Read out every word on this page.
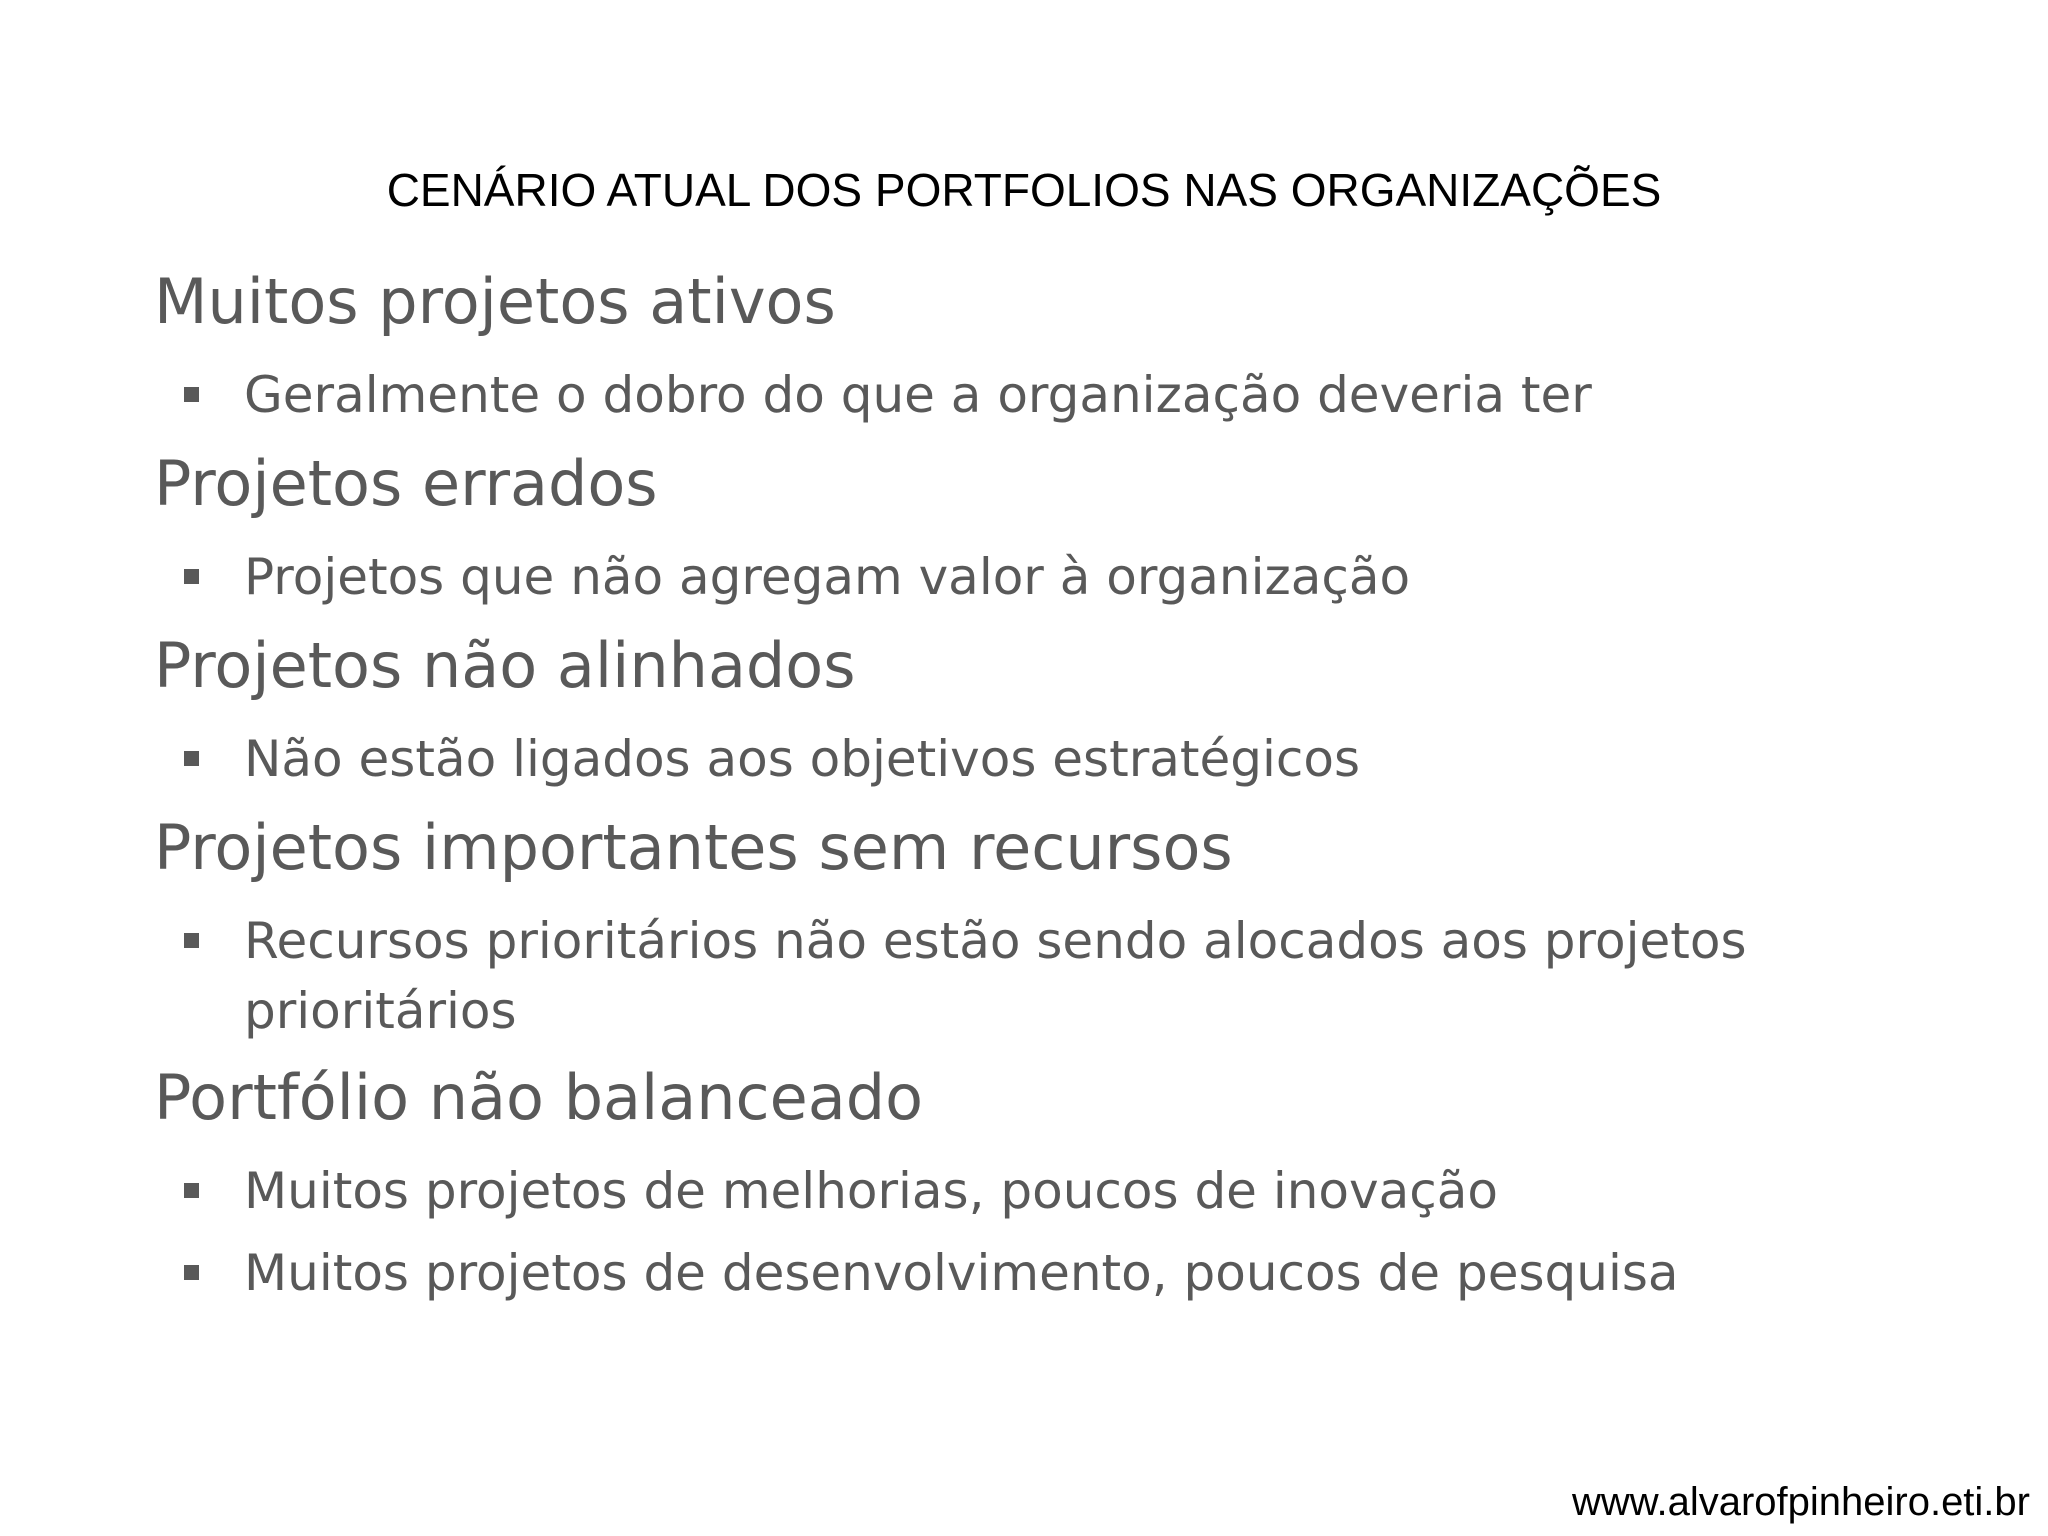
CENÁRIO ATUAL DOS PORTFOLIOS NAS ORGANIZAÇÕES
Muitos projetos ativos
Geralmente o dobro do que a organização deveria ter
Projetos errados
Projetos que não agregam valor à organização
Projetos não alinhados
Não estão ligados aos objetivos estratégicos
Projetos importantes sem recursos
Recursos prioritários não estão sendo alocados aos projetos prioritários
Portfólio não balanceado
Muitos projetos de melhorias, poucos de inovação
Muitos projetos de desenvolvimento, poucos de pesquisa
www.alvarofpinheiro.eti.br
